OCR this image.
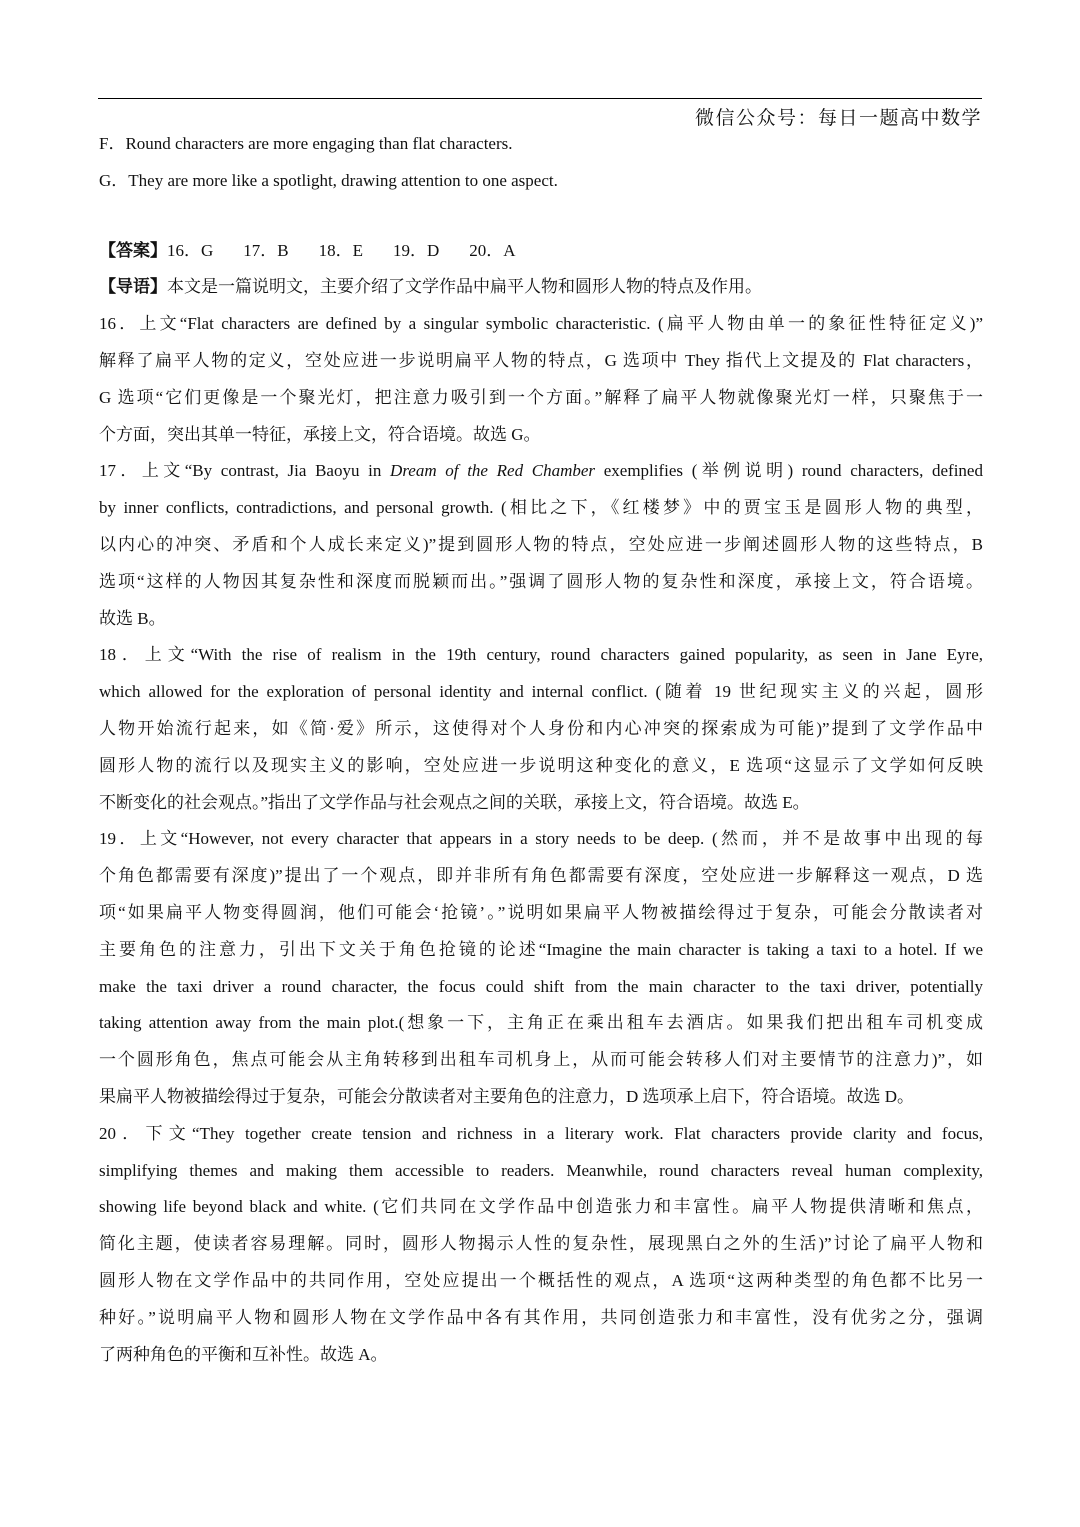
微信公众号：每日一题高中数学
F．Round characters are more engaging than flat characters.
G．They are more like a spotlight, drawing attention to one aspect.
【答案】16．G 17．B 18．E 19．D 20．A
【导语】本文是一篇说明文，主要介绍了文学作品中扁平人物和圆形人物的特点及作用。
16．上文“Flat characters are defined by a singular symbolic characteristic. (扁平人物由单一的象征性特征定义)”
解释了扁平人物的定义，空处应进一步说明扁平人物的特点，G 选项中 They 指代上文提及的 Flat characters，
G 选项“它们更像是一个聚光灯，把注意力吸引到一个方面。”解释了扁平人物就像聚光灯一样，只聚焦于一
个方面，突出其单一特征，承接上文，符合语境。故选 G。
17．上文“By contrast, Jia Baoyu in Dream of the Red Chamber exemplifies (举例说明) round characters, defined
by inner conflicts, contradictions, and personal growth. (相比之下，《红楼梦》中的贾宝玉是圆形人物的典型，
以内心的冲突、矛盾和个人成长来定义)”提到圆形人物的特点，空处应进一步阐述圆形人物的这些特点，B
选项“这样的人物因其复杂性和深度而脱颖而出。”强调了圆形人物的复杂性和深度，承接上文，符合语境。
故选 B。
18．上文“With the rise of realism in the 19th century, round characters gained popularity, as seen in Jane Eyre,
which allowed for the exploration of personal identity and internal conflict. (随着 19 世纪现实主义的兴起，圆形
人物开始流行起来，如《简·爱》所示，这使得对个人身份和内心冲突的探索成为可能)”提到了文学作品中
圆形人物的流行以及现实主义的影响，空处应进一步说明这种变化的意义，E 选项“这显示了文学如何反映
不断变化的社会观点。”指出了文学作品与社会观点之间的关联，承接上文，符合语境。故选 E。
19．上文“However, not every character that appears in a story needs to be deep. (然而，并不是故事中出现的每
个角色都需要有深度)”提出了一个观点，即并非所有角色都需要有深度，空处应进一步解释这一观点，D 选
项“如果扁平人物变得圆润，他们可能会‘抢镜’。”说明如果扁平人物被描绘得过于复杂，可能会分散读者对
主要角色的注意力，引出下文关于角色抢镜的论述“Imagine the main character is taking a taxi to a hotel. If we
make the taxi driver a round character, the focus could shift from the main character to the taxi driver, potentially
taking attention away from the main plot.(想象一下，主角正在乘出租车去酒店。如果我们把出租车司机变成
一个圆形角色，焦点可能会从主角转移到出租车司机身上，从而可能会转移人们对主要情节的注意力)”，如
果扁平人物被描绘得过于复杂，可能会分散读者对主要角色的注意力，D 选项承上启下，符合语境。故选 D。
20．下文“They together create tension and richness in a literary work. Flat characters provide clarity and focus,
simplifying themes and making them accessible to readers. Meanwhile, round characters reveal human complexity,
showing life beyond black and white. (它们共同在文学作品中创造张力和丰富性。扁平人物提供清晰和焦点，
简化主题，使读者容易理解。同时，圆形人物揭示人性的复杂性，展现黑白之外的生活)”讨论了扁平人物和
圆形人物在文学作品中的共同作用，空处应提出一个概括性的观点，A 选项“这两种类型的角色都不比另一
种好。”说明扁平人物和圆形人物在文学作品中各有其作用，共同创造张力和丰富性，没有优劣之分，强调
了两种角色的平衡和互补性。故选 A。
